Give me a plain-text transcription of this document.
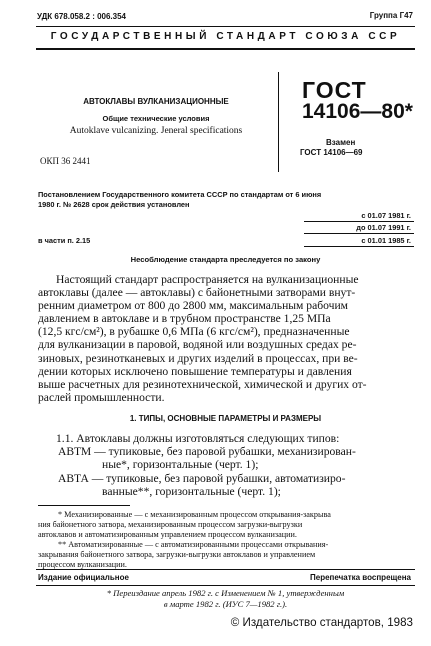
УДК 678.058.2 : 006.354	Группа Г47
ГОСУДАРСТВЕННЫЙ СТАНДАРТ СОЮЗА ССР
АВТОКЛАВЫ ВУЛКАНИЗАЦИОННЫЕ
Общие технические условия
Autoklave vulcanizing. Jeneral specifications
ОКП 36 2441
ГОСТ
14106—80*
Взамен
ГОСТ 14106—69
Постановлением Государственного комитета СССР по стандартам от 6 июня
1980 г. № 2628 срок действия установлен
с 01.07 1981 г.
до 01.07 1991 г.
в части п. 2.15	с 01.01 1985 г.
Несоблюдение стандарта преследуется по закону
Настоящий стандарт распространяется на вулканизационные
автоклавы (далее — автоклавы) с байонетными затворами внут-
ренним диаметром от 800 до 2800 мм, максимальным рабочим
давлением в автоклаве и в трубном пространстве 1,25 МПа
(12,5 кгс/см²), в рубашке 0,6 МПа (6 кгс/см²), предназначенные
для вулканизации в паровой, водяной или воздушных средах ре-
зиновых, резинотканевых и других изделий в процессах, при ве-
дении которых исключено повышение температуры и давления
выше расчетных для резинотехнической, химической и других от-
раслей промышленности.
1. ТИПЫ, ОСНОВНЫЕ ПАРАМЕТРЫ И РАЗМЕРЫ
1.1. Автоклавы должны изготовляться следующих типов:
АВТМ — тупиковые, без паровой рубашки, механизирован-
ные*, горизонтальные (черт. 1);
АВТА — тупиковые, без паровой рубашки, автоматизиро-
ванные**, горизонтальные (черт. 1);
* Механизированные — с механизированным процессом открывания-закрыва
ния байонетного затвора, механизированным процессом загрузки-выгрузки
автоклавов и автоматизированным управлением процессом вулканизации.
** Автоматизированные — с автоматизированными процессами открывания-
закрывания байонетного затвора, загрузки-выгрузки автоклавов и управлением
процессом вулканизации.
Издание официальное	Перепечатка воспрещена
* Переиздание апрель 1982 г. с Изменением № 1, утвержденным
в марте 1982 г. (ИУС 7—1982 г.).
© Издательство стандартов, 1983
